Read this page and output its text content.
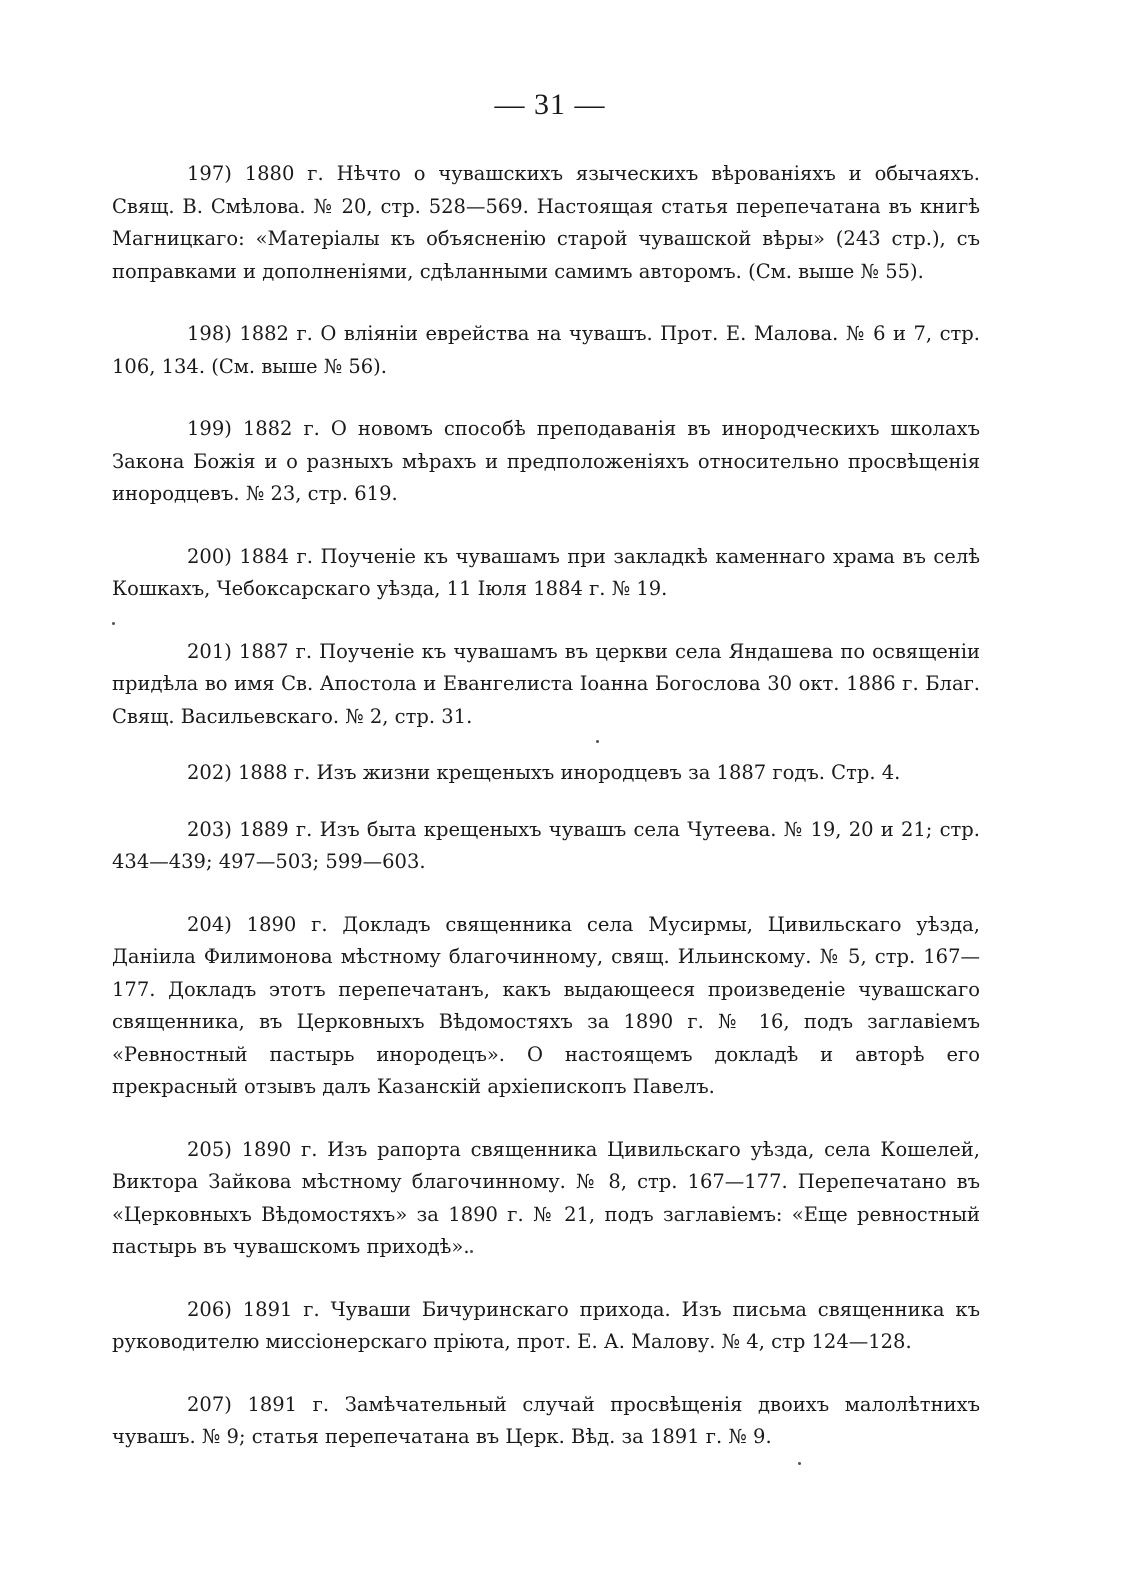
— 31 —

197) 1880 г. Нѣчто о чувашскихъ языческихъ вѣрованіяхъ и обычаяхъ. Свящ. В. Смѣлова. № 20, стр. 528—569. Настоящая статья перепечатана въ книгѣ Магницкаго: «Матеріалы къ объясненію старой чувашской вѣры» (243 стр.), съ поправками и дополненіями, сдѣланными самимъ авторомъ. (См. выше № 55).

198) 1882 г. О вліяніи еврейства на чувашъ. Прот. Е. Малова. № 6 и 7, стр. 106, 134. (См. выше № 56).

199) 1882 г. О новомъ способѣ преподаванія въ инородческихъ школахъ Закона Божія и о разныхъ мѣрахъ и предположеніяхъ относительно просвѣщенія инородцевъ. № 23, стр. 619.

200) 1884 г. Поученіе къ чувашамъ при закладкѣ каменнаго храма въ селѣ Кошкахъ, Чебоксарскаго уѣзда, 11 Іюля 1884 г. № 19.

201) 1887 г. Поученіе къ чувашамъ въ церкви села Яндашева по освященіи придѣла во имя Св. Апостола и Евангелиста Іоанна Богослова 30 окт. 1886 г. Благ. Свящ. Васильевскаго. № 2, стр. 31.

202) 1888 г. Изъ жизни крещеныхъ инородцевъ за 1887 годъ. Стр. 4.

203) 1889 г. Изъ быта крещеныхъ чувашъ села Чутеева. № 19, 20 и 21; стр. 434—439; 497—503; 599—603.

204) 1890 г. Докладъ священника села Мусирмы, Цивильскаго уѣзда, Даніила Филимонова мѣстному благочинному, свящ. Ильинскому. № 5, стр. 167—177. Докладъ этотъ перепечатанъ, какъ выдающееся произведеніе чувашскаго священника, въ Церковныхъ Вѣдомостяхъ за 1890 г. № 16, подъ заглавіемъ «Ревностный пастырь инородецъ». О настоящемъ докладѣ и авторѣ его прекрасный отзывъ далъ Казанскій архіепископъ Павелъ.

205) 1890 г. Изъ рапорта священника Цивильскаго уѣзда, села Кошелей, Виктора Зайкова мѣстному благочинному. № 8, стр. 167—177. Перепечатано въ «Церковныхъ Вѣдомостяхъ» за 1890 г. № 21, подъ заглавіемъ: «Еще ревностный пастырь въ чувашскомъ приходѣ».

206) 1891 г. Чуваши Бичуринскаго прихода. Изъ письма священника къ руководителю миссіонерскаго пріюта, прот. Е. А. Малову. № 4, стр 124—128.

207) 1891 г. Замѣчательный случай просвѣщенія двоихъ малолѣтнихъ чувашъ. № 9; статья перепечатана въ Церк. Вѣд. за 1891 г. № 9.
